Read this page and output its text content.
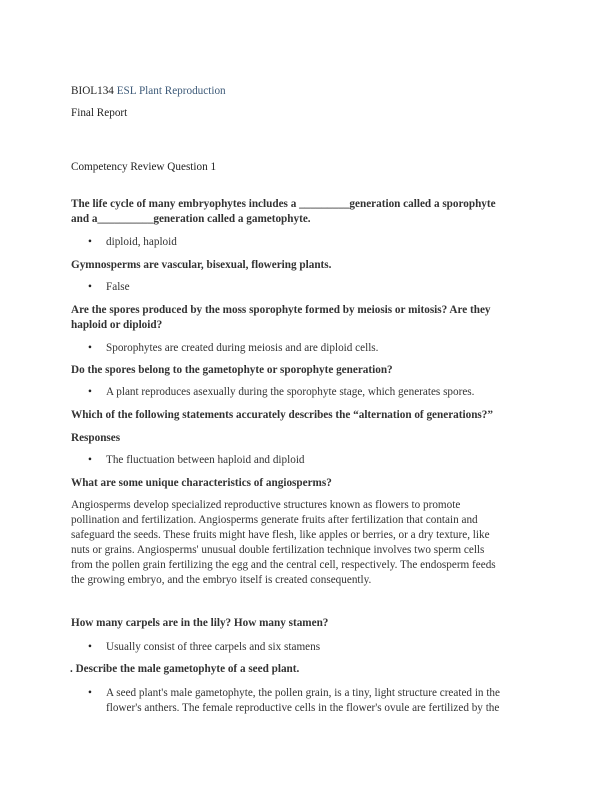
BIOL134 ESL Plant Reproduction
Final Report
Competency Review Question 1
The life cycle of many embryophytes includes a _________generation called a sporophyte
and a__________generation called a gametophyte.
• diploid, haploid
Gymnosperms are vascular, bisexual, flowering plants.
• False
Are the spores produced by the moss sporophyte formed by meiosis or mitosis? Are they
haploid or diploid?
• Sporophytes are created during meiosis and are diploid cells.
Do the spores belong to the gametophyte or sporophyte generation?
• A plant reproduces asexually during the sporophyte stage, which generates spores.
Which of the following statements accurately describes the “alternation of generations?”
Responses
• The fluctuation between haploid and diploid
What are some unique characteristics of angiosperms?
Angiosperms develop specialized reproductive structures known as flowers to promote
pollination and fertilization. Angiosperms generate fruits after fertilization that contain and
safeguard the seeds. These fruits might have flesh, like apples or berries, or a dry texture, like
nuts or grains. Angiosperms' unusual double fertilization technique involves two sperm cells
from the pollen grain fertilizing the egg and the central cell, respectively. The endosperm feeds
the growing embryo, and the embryo itself is created consequently.
How many carpels are in the lily? How many stamen?
• Usually consist of three carpels and six stamens
. Describe the male gametophyte of a seed plant.
• A seed plant's male gametophyte, the pollen grain, is a tiny, light structure created in the
flower's anthers. The female reproductive cells in the flower's ovule are fertilized by the
